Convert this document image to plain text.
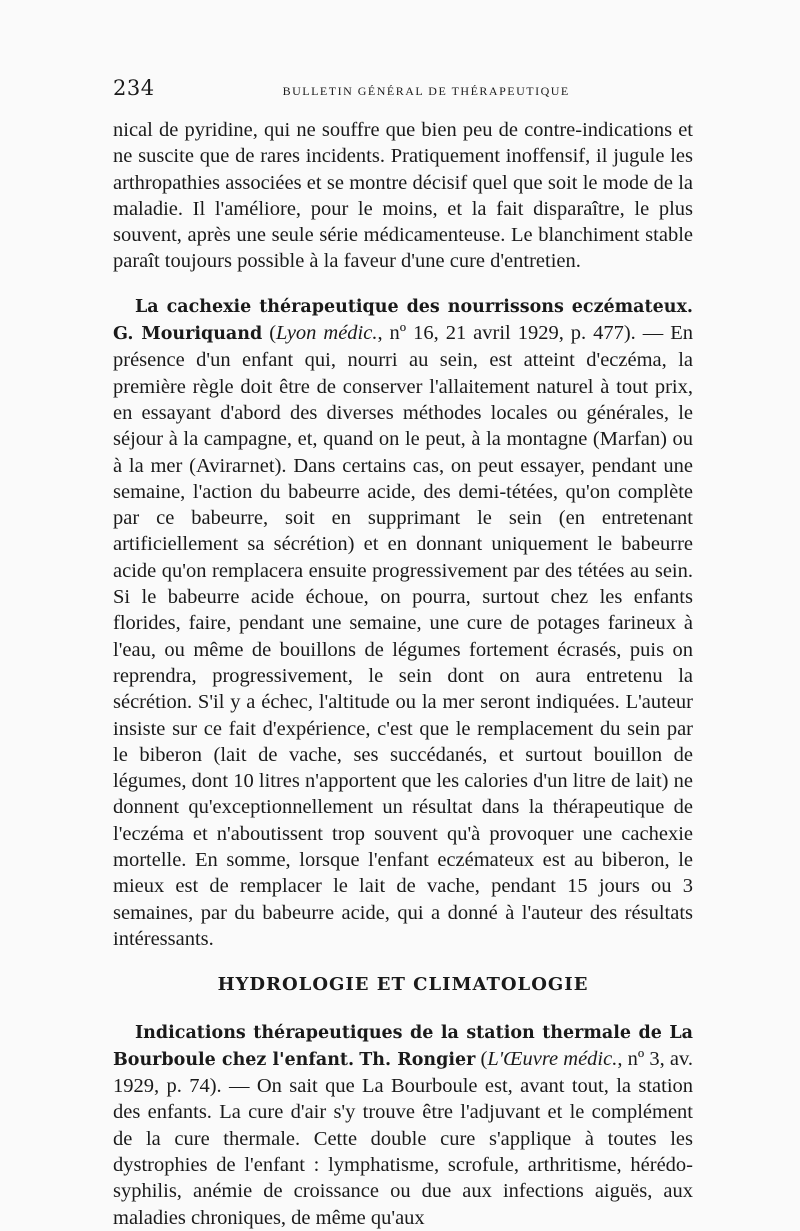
234	BULLETIN GÉNÉRAL DE THÉRAPEUTIQUE

nical de pyridine, qui ne souffre que bien peu de contre-indications et ne suscite que de rares incidents. Pratiquement inoffensif, il jugule les arthropathies associées et se montre décisif quel que soit le mode de la maladie. Il l'améliore, pour le moins, et la fait disparaître, le plus souvent, après une seule série médicamenteuse. Le blanchiment stable paraît toujours possible à la faveur d'une cure d'entretien.

La cachexie thérapeutique des nourrissons eczémateux. G. Mouriquand (Lyon médic., nº 16, 21 avril 1929, p. 477). — En présence d'un enfant qui, nourri au sein, est atteint d'eczéma, la première règle doit être de conserver l'allaitement naturel à tout prix, en essayant d'abord des diverses méthodes locales ou générales, le séjour à la campagne, et, quand on le peut, à la montagne (Marfan) ou à la mer (Avirагnet). Dans certains cas, on peut essayer, pendant une semaine, l'action du babeurre acide, des demi-tétées, qu'on complète par ce babeurre, soit en supprimant le sein (en entretenant artificiellement sa sécrétion) et en donnant uniquement le babeurre acide qu'on remplacera ensuite progressivement par des tétées au sein. Si le babeurre acide échoue, on pourra, surtout chez les enfants floridеs, faire, pendant une semaine, une cure de potages farineux à l'eau, ou même de bouillons de légumes fortement écrasés, puis on reprendra, progressivement, le sein dont on aura entretenu la sécrétion. S'il y a échec, l'altitude ou la mer seront indiquées. L'auteur insiste sur ce fait d'expérience, c'est que le remplacement du sein par le biberon (lait de vache, ses succédanés, et surtout bouillon de légumes, dont 10 litres n'apportent que les calories d'un litre de lait) ne donnent qu'exceptionnellement un résultat dans la thérapeutique de l'eczéma et n'aboutissent trop souvent qu'à provoquer une cachexie mortelle. En somme, lorsque l'enfant eczémateux est au biberon, le mieux est de remplacer le lait de vache, pendant 15 jours ou 3 semaines, par du babeurre acide, qui a donné à l'auteur des résultats intéressants.

HYDROLOGIE ET CLIMATOLOGIE

Indications thérapeutiques de la station thermale de La Bourboule chez l'enfant. Th. Rongier (L'Œuvre médic., nº 3, av. 1929, p. 74). — On sait que La Bourboule est, avant tout, la station des enfants. La cure d'air s'y trouve être l'adjuvant et le complément de la cure thermale. Cette double cure s'applique à toutes les dystrophies de l'enfant : lymphatisme, scrofule, arthritisme, hérédo-syphilis, anémie de croissance ou due aux infections aiguës, aux maladies chroniques, de même qu'aux
